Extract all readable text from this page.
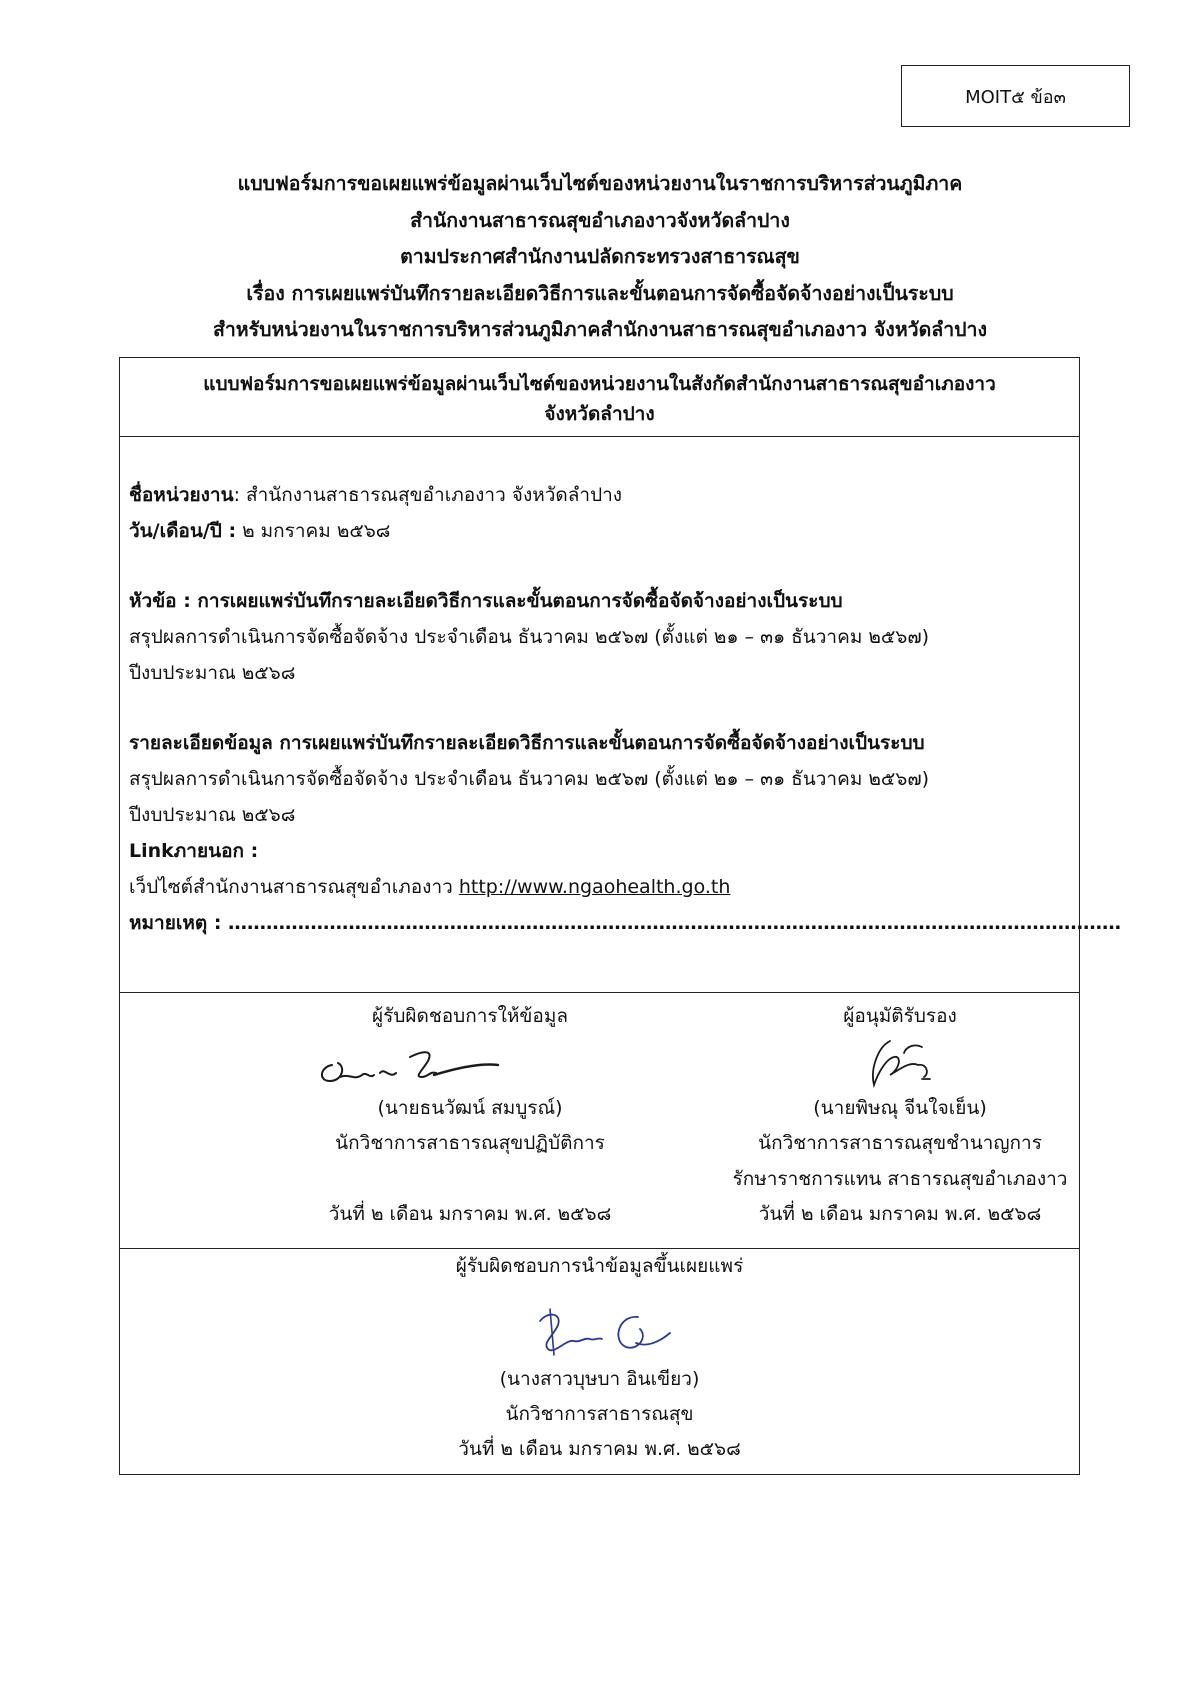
MOIT๕ ข้อ๓
แบบฟอร์มการขอเผยแพร่ข้อมูลผ่านเว็บไซต์ของหน่วยงานในราชการบริหารส่วนภูมิภาค
สำนักงานสาธารณสุขอำเภองาวจังหวัดลำปาง
ตามประกาศสำนักงานปลัดกระทรวงสาธารณสุข
เรื่อง การเผยแพร่บันทึกรายละเอียดวิธีการและขั้นตอนการจัดซื้อจัดจ้างอย่างเป็นระบบ
สำหรับหน่วยงานในราชการบริหารส่วนภูมิภาคสำนักงานสาธารณสุขอำเภองาว จังหวัดลำปาง
แบบฟอร์มการขอเผยแพร่ข้อมูลผ่านเว็บไซต์ของหน่วยงานในสังกัดสำนักงานสาธารณสุขอำเภองาว
จังหวัดลำปาง
ชื่อหน่วยงาน: สำนักงานสาธารณสุขอำเภองาว จังหวัดลำปาง
วัน/เดือน/ปี : ๒ มกราคม ๒๕๖๘
หัวข้อ : การเผยแพร่บันทึกรายละเอียดวิธีการและขั้นตอนการจัดซื้อจัดจ้างอย่างเป็นระบบ
สรุปผลการดำเนินการจัดซื้อจัดจ้าง ประจำเดือน ธันวาคม ๒๕๖๗ (ตั้งแต่ ๒๑ – ๓๑ ธันวาคม ๒๕๖๗)
ปีงบประมาณ ๒๕๖๘
รายละเอียดข้อมูล การเผยแพร่บันทึกรายละเอียดวิธีการและขั้นตอนการจัดซื้อจัดจ้างอย่างเป็นระบบ
สรุปผลการดำเนินการจัดซื้อจัดจ้าง ประจำเดือน ธันวาคม ๒๕๖๗ (ตั้งแต่ ๒๑ – ๓๑ ธันวาคม ๒๕๖๗)
ปีงบประมาณ ๒๕๖๘
Linkภายนอก :
เว็ปไซต์สำนักงานสาธารณสุขอำเภองาว http://www.ngaohealth.go.th
หมายเหตุ : ……………………………………………………………………………………………………………………………
ผู้รับผิดชอบการให้ข้อมูล
(นายธนวัฒน์ สมบูรณ์)
นักวิชาการสาธารณสุขปฏิบัติการ
วันที่ ๒ เดือน มกราคม พ.ศ. ๒๕๖๘
ผู้อนุมัติรับรอง
(นายพิษณุ จีนใจเย็น)
นักวิชาการสาธารณสุขชำนาญการ
รักษาราชการแทน สาธารณสุขอำเภองาว
วันที่ ๒ เดือน มกราคม พ.ศ. ๒๕๖๘
ผู้รับผิดชอบการนำข้อมูลขึ้นเผยแพร่
(นางสาวบุษบา อินเขียว)
นักวิชาการสาธารณสุข
วันที่ ๒ เดือน มกราคม พ.ศ. ๒๕๖๘
